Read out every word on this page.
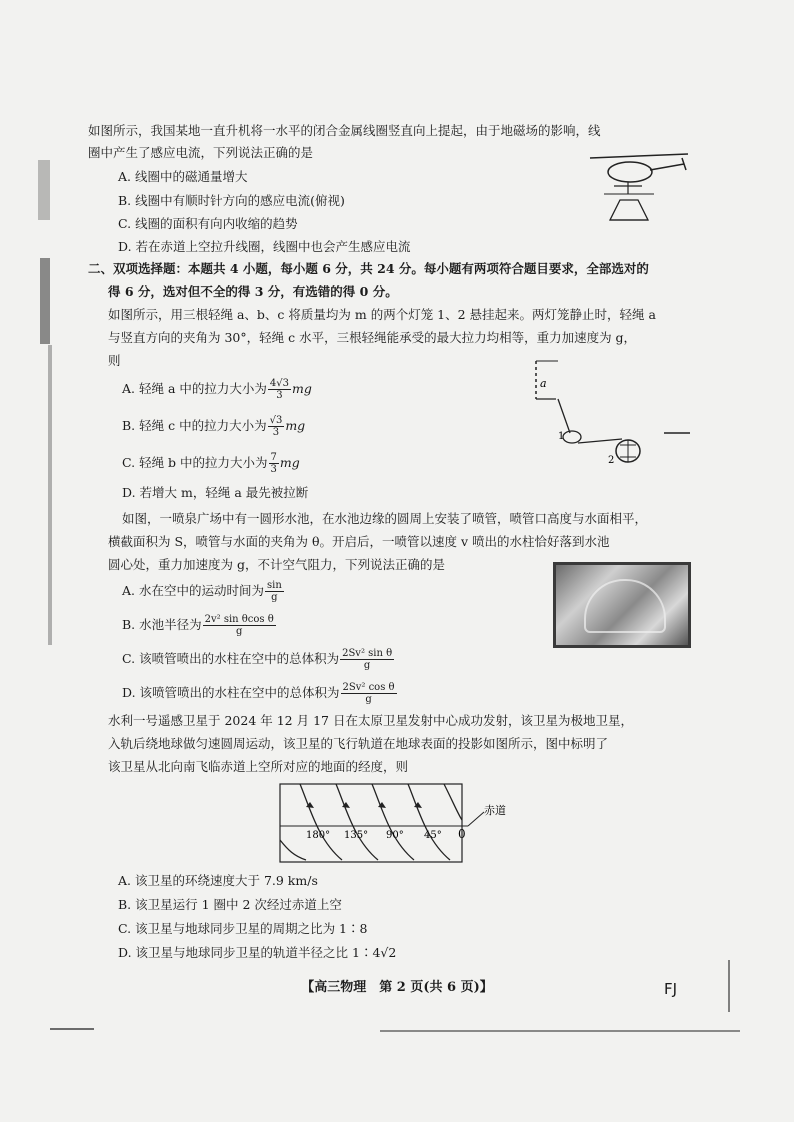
如图所示，我国某地一直升机将一水平的闭合金属线圈竖直向上提起，由于地磁场的影响，线
圈中产生了感应电流，下列说法正确的是
A. 线圈中的磁通量增大
B. 线圈中有顺时针方向的感应电流(俯视)
C. 线圈的面积有向内收缩的趋势
D. 若在赤道上空拉升线圈，线圈中也会产生感应电流
二、双项选择题：本题共 4 小题，每小题 6 分，共 24 分。每小题有两项符合题目要求，全部选对的
得 6 分，选对但不全的得 3 分，有选错的得 0 分。
如图所示，用三根轻绳 a、b、c 将质量均为 m 的两个灯笼 1、2 悬挂起来。两灯笼静止时，轻绳 a
与竖直方向的夹角为 30°，轻绳 c 水平，三根轻绳能承受的最大拉力均相等，重力加速度为 g，
则
A. 轻绳 a 中的拉力大小为 $\frac{4√3}{3}$ mg
B. 轻绳 c 中的拉力大小为 $\frac{√3}{3}$ mg
C. 轻绳 b 中的拉力大小为 $\frac{7}{3}$ mg
D. 若增大 m，轻绳 a 最先被拉断
a
1
2
如图，一喷泉广场中有一圆形水池，在水池边缘的圆周上安装了喷管，喷管口高度与水面相平，
横截面积为 S，喷管与水面的夹角为 θ。开启后，一喷管以速度 v 喷出的水柱恰好落到水池
圆心处，重力加速度为 g，不计空气阻力，下列说法正确的是
A. 水在空中的运动时间为 $\frac{\sin}{g}$
B. 水池半径为 $\frac{\text{2v² sin θcos θ}}{g}$
C. 该喷管喷出的水柱在空中的总体积为 $\frac{\text{2Sv² sin θ}}{g}$
D. 该喷管喷出的水柱在空中的总体积为 $\frac{\text{2Sv² cos θ}}{g}$
水利一号遥感卫星于 2024 年 12 月 17 日在太原卫星发射中心成功发射，该卫星为极地卫星，
入轨后绕地球做匀速圆周运动，该卫星的飞行轨道在地球表面的投影如图所示，图中标明了
该卫星从北向南飞临赤道上空所对应的地面的经度，则
180° 135° 90° 45° 0
赤道
A. 该卫星的环绕速度大于 7.9 km/s
B. 该卫星运行 1 圈中 2 次经过赤道上空
C. 该卫星与地球同步卫星的周期之比为 1∶8
D. 该卫星与地球同步卫星的轨道半径之比 1∶4√2
【高三物理　第 2 页(共 6 页)】	FJ
